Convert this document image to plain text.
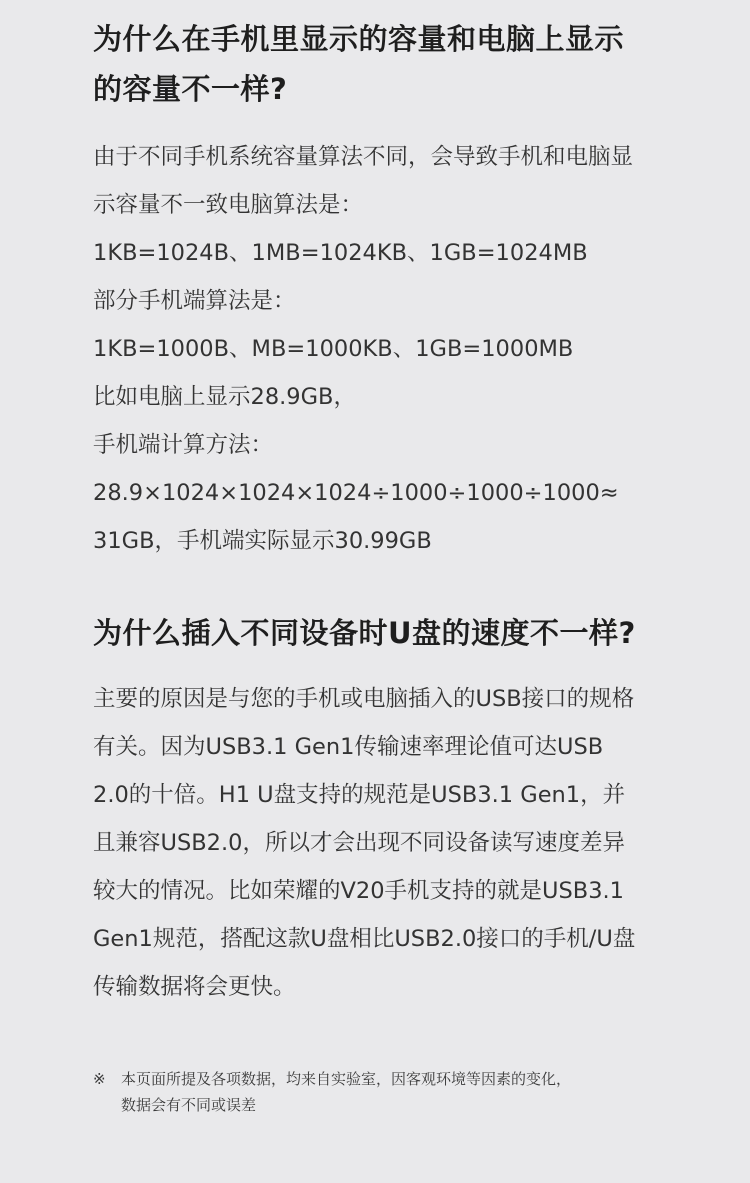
为什么在手机里显示的容量和电脑上显示
的容量不一样?
由于不同手机系统容量算法不同，会导致手机和电脑显
示容量不一致电脑算法是：
1KB=1024B、1MB=1024KB、1GB=1024MB
部分手机端算法是：
1KB=1000B、MB=1000KB、1GB=1000MB
比如电脑上显示28.9GB，
手机端计算方法：
28.9×1024×1024×1024÷1000÷1000÷1000≈
31GB，手机端实际显示30.99GB
为什么插入不同设备时U盘的速度不一样?
主要的原因是与您的手机或电脑插入的USB接口的规格
有关。因为USB3.1 Gen1传输速率理论值可达USB
2.0的十倍。H1 U盘支持的规范是USB3.1 Gen1，并
且兼容USB2.0，所以才会出现不同设备读写速度差异
较大的情况。比如荣耀的V20手机支持的就是USB3.1
Gen1规范，搭配这款U盘相比USB2.0接口的手机/U盘
传输数据将会更快。
※ 本页面所提及各项数据，均来自实验室，因客观环境等因素的变化，
数据会有不同或误差
